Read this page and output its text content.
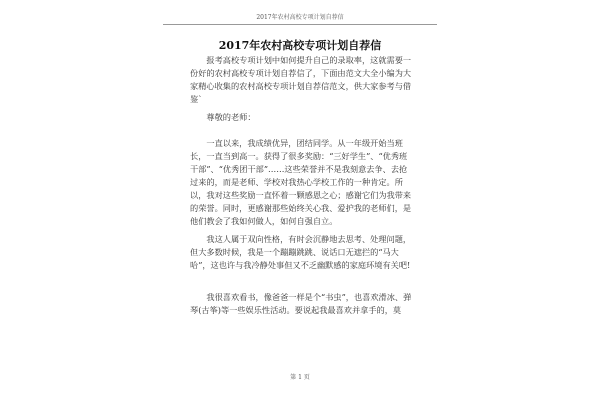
2017年农村高校专项计划自荐信
2017年农村高校专项计划自荐信

报考高校专项计划中如何提升自己的录取率，这就需要一份好的农村高校专项计划自荐信了，下面由范文大全小编为大家精心收集的农村高校专项计划自荐信范文，供大家参考与借鉴`

尊敬的老师：

一直以来，我成绩优异，团结同学。从一年级开始当班长，一直当到高一。获得了很多奖励：“三好学生”、“优秀班干部”、“优秀团干部”……这些荣誉并不是我刻意去争、去抢过来的，而是老师、学校对我热心学校工作的一种肯定。所以，我对这些奖励一直怀着一颗感恩之心；感谢它们为我带来的荣誉。同时，更感谢那些始终关心我、爱护我的老师们，是他们教会了我如何做人，如何自强自立。

我这人属于双向性格，有时会沉静地去思考、处理问题，但大多数时候，我是一个蹦蹦跳跳、说话口无遮拦的“马大哈”，这也许与我冷静处事但又不乏幽默感的家庭环境有关吧!

我很喜欢看书，像爸爸一样是个“书虫”，也喜欢滑冰、弹琴(古筝)等一些娱乐性活动。要说起我最喜欢并拿手的，莫

第 1 页
